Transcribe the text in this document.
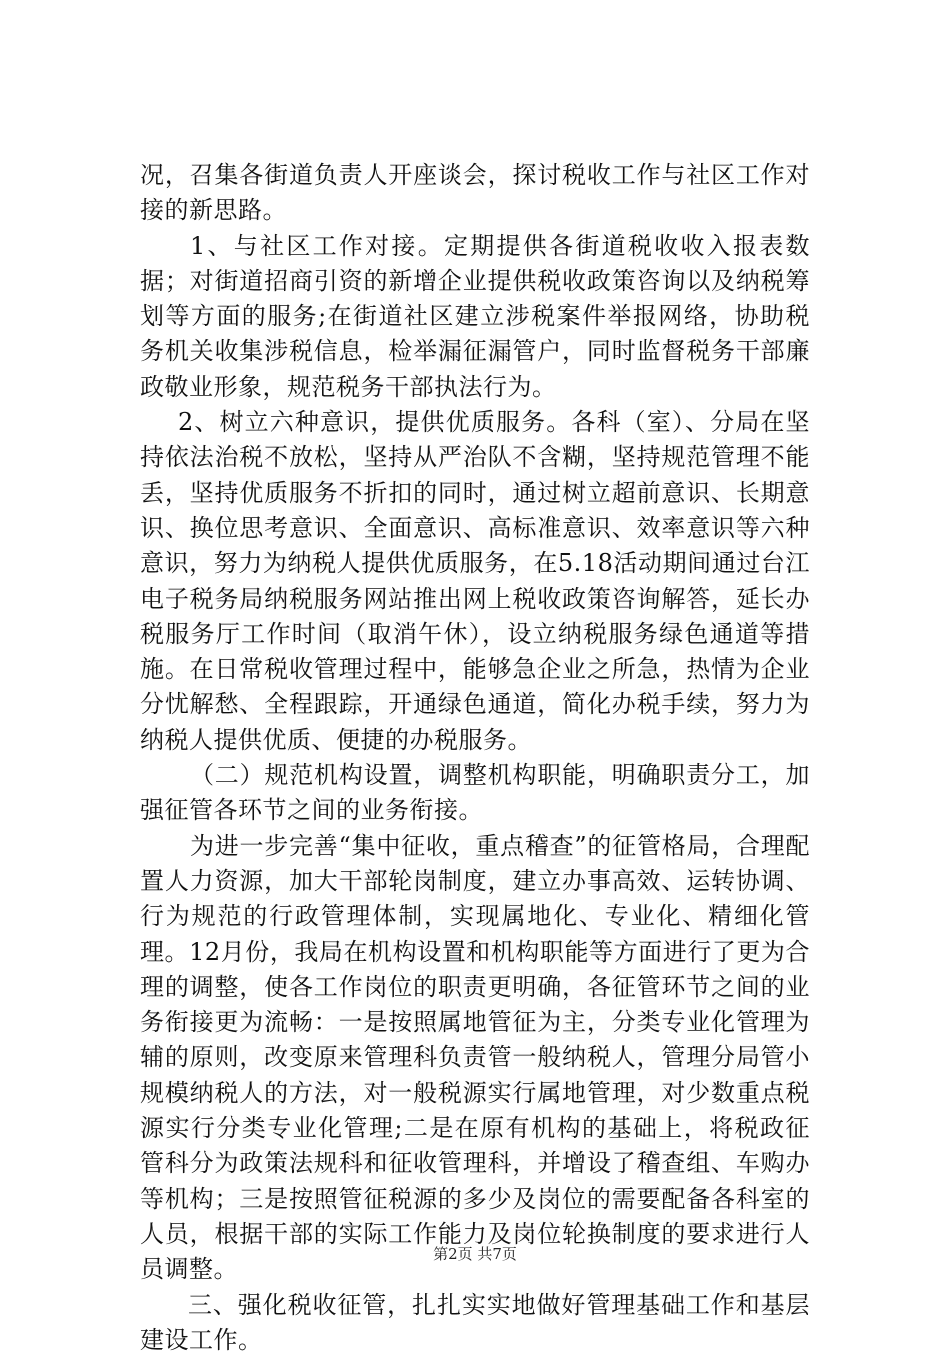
况，召集各街道负责人开座谈会，探讨税收工作与社区工作对接的新思路。

1、与社区工作对接。定期提供各街道税收收入报表数据；对街道招商引资的新增企业提供税收政策咨询以及纳税筹划等方面的服务;在街道社区建立涉税案件举报网络，协助税务机关收集涉税信息，检举漏征漏管户，同时监督税务干部廉政敬业形象，规范税务干部执法行为。

2、树立六种意识，提供优质服务。各科（室）、分局在坚持依法治税不放松，坚持从严治队不含糊，坚持规范管理不能丢，坚持优质服务不折扣的同时，通过树立超前意识、长期意识、换位思考意识、全面意识、高标准意识、效率意识等六种意识，努力为纳税人提供优质服务，在5.18活动期间通过台江电子税务局纳税服务网站推出网上税收政策咨询解答，延长办税服务厅工作时间（取消午休），设立纳税服务绿色通道等措施。在日常税收管理过程中，能够急企业之所急，热情为企业分忧解愁、全程跟踪，开通绿色通道，简化办税手续，努力为纳税人提供优质、便捷的办税服务。

（二）规范机构设置，调整机构职能，明确职责分工，加强征管各环节之间的业务衔接。

为进一步完善“集中征收，重点稽查”的征管格局，合理配置人力资源，加大干部轮岗制度，建立办事高效、运转协调、行为规范的行政管理体制，实现属地化、专业化、精细化管理。12月份，我局在机构设置和机构职能等方面进行了更为合理的调整，使各工作岗位的职责更明确，各征管环节之间的业务衔接更为流畅：一是按照属地管征为主，分类专业化管理为辅的原则，改变原来管理科负责管一般纳税人，管理分局管小规模纳税人的方法，对一般税源实行属地管理，对少数重点税源实行分类专业化管理;二是在原有机构的基础上，将税政征管科分为政策法规科和征收管理科，并增设了稽查组、车购办等机构；三是按照管征税源的多少及岗位的需要配备各科室的人员，根据干部的实际工作能力及岗位轮换制度的要求进行人员调整。

三、强化税收征管，扎扎实实地做好管理基础工作和基层建设工作。

第2页 共7页
